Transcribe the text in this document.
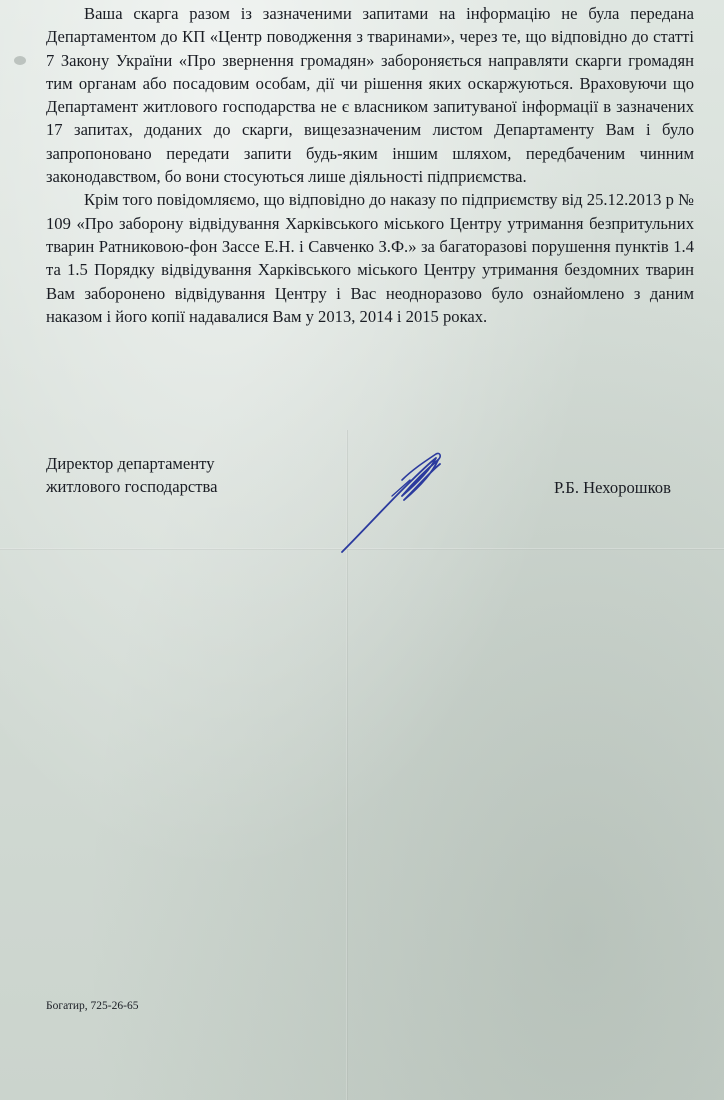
Ваша скарга разом із зазначеними запитами на інформацію не була передана Департаментом до КП «Центр поводження з тваринами», через те, що відповідно до статті 7 Закону України «Про звернення громадян» забороняється направляти скарги громадян тим органам або посадовим особам, дії чи рішення яких оскаржуються. Враховуючи що Департамент житлового господарства не є власником запитуваної інформації в зазначених 17 запитах, доданих до скарги, вищезазначеним листом Департаменту Вам і було запропоновано передати запити будь-яким іншим шляхом, передбаченим чинним законодавством, бо вони стосуються лише діяльності підприємства.

Крім того повідомляємо, що відповідно до наказу по підприємству від 25.12.2013 р № 109 «Про заборону відвідування Харківського міського Центру утримання безпритульних тварин Ратниковою-фон Зассе Е.Н. і Савченко З.Ф.» за багаторазові порушення пунктів 1.4 та 1.5 Порядку відвідування Харківського міського Центру утримання бездомних тварин Вам заборонено відвідування Центру і Вас неодноразово було ознайомлено з даним наказом і його копії надавалися Вам у 2013, 2014 і 2015 роках.

Директор департаменту
житлового господарства	Р.Б. Нехорошков
Богатир, 725-26-65
